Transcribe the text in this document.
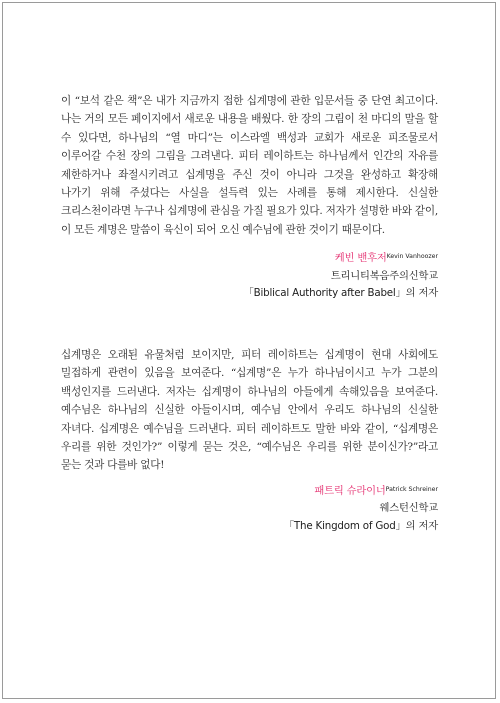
이 “보석 같은 책”은 내가 지금까지 접한 십계명에 관한 입문서들 중 단연 최고이다. 나는 거의 모든 페이지에서 새로운 내용을 배웠다. 한 장의 그림이 천 마디의 말을 할 수 있다면, 하나님의 “열 마디”는 이스라엘 백성과 교회가 새로운 피조물로서 이루어갈 수천 장의 그림을 그려낸다. 피터 레이하트는 하나님께서 인간의 자유를 제한하거나 좌절시키려고 십계명을 주신 것이 아니라 그것을 완성하고 확장해 나가기 위해 주셨다는 사실을 설득력 있는 사례를 통해 제시한다. 신실한 크리스천이라면 누구나 십계명에 관심을 가질 필요가 있다. 저자가 설명한 바와 같이, 이 모든 계명은 말씀이 육신이 되어 오신 예수님에 관한 것이기 때문이다.

케빈 밴후저$^{Kevin Vanhoozer}$
트리니티복음주의신학교
「Biblical Authority after Babel」의 저자

십계명은 오래된 유물처럼 보이지만, 피터 레이하트는 십계명이 현대 사회에도 밀접하게 관련이 있음을 보여준다. “십계명”은 누가 하나님이시고 누가 그분의 백성인지를 드러낸다. 저자는 십계명이 하나님의 아들에게 속해있음을 보여준다. 예수님은 하나님의 신실한 아들이시며, 예수님 안에서 우리도 하나님의 신실한 자녀다. 십계명은 예수님을 드러낸다. 피터 레이하트도 말한 바와 같이, “십계명은 우리를 위한 것인가?” 이렇게 묻는 것은, “예수님은 우리를 위한 분이신가?”라고 묻는 것과 다를바 없다!

패트릭 슈라이너$^{Patrick Schreiner}$
웨스턴신학교
「The Kingdom of God」의 저자
